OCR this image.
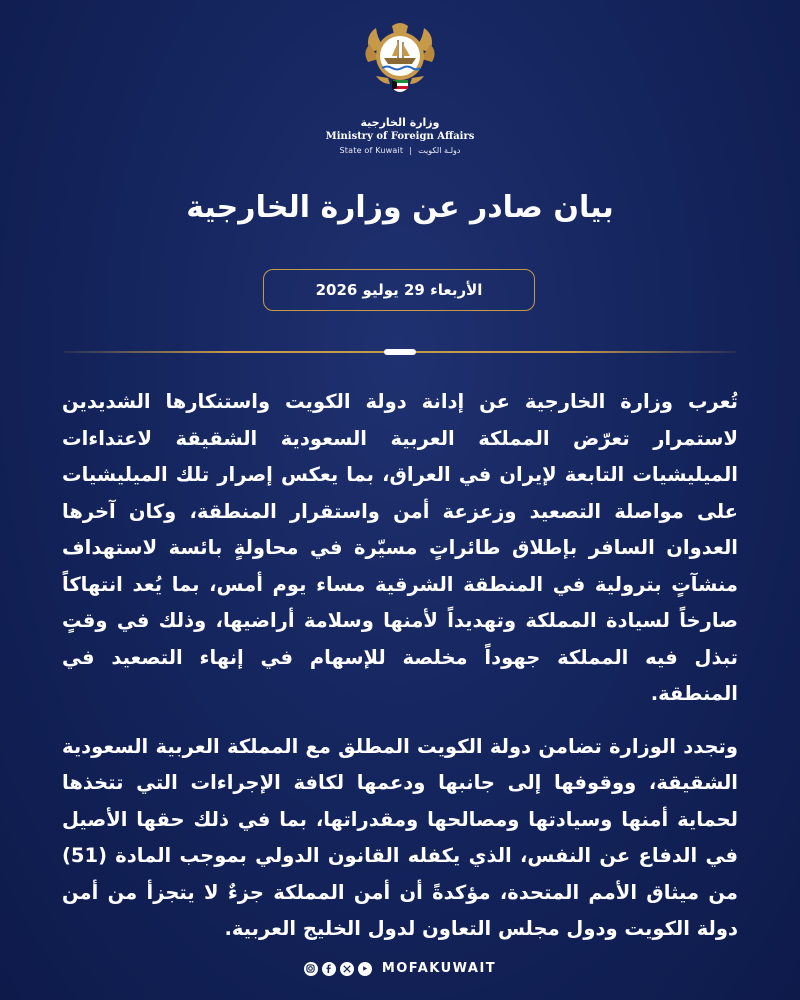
وزارة الخارجية
Ministry of Foreign Affairs
State of Kuwait | دولـة الكويت
بيان صادر عن وزارة الخارجية
الأربعاء 29 يوليو 2026

تُعرب وزارة الخارجية عن إدانة دولة الكويت واستنكارها الشديدين لاستمرار تعرّض المملكة العربية السعودية الشقيقة لاعتداءات الميليشيات التابعة لإيران في العراق، بما يعكس إصرار تلك الميليشيات على مواصلة التصعيد وزعزعة أمن واستقرار المنطقة، وكان آخرها العدوان السافر بإطلاق طائراتٍ مسيّرة في محاولةٍ بائسة لاستهداف منشآتٍ بترولية في المنطقة الشرقية مساء يوم أمس، بما يُعد انتهاكاً صارخاً لسيادة المملكة وتهديداً لأمنها وسلامة أراضيها، وذلك في وقتٍ تبذل فيه المملكة جهوداً مخلصة للإسهام في إنهاء التصعيد في المنطقة.

وتجدد الوزارة تضامن دولة الكويت المطلق مع المملكة العربية السعودية الشقيقة، ووقوفها إلى جانبها ودعمها لكافة الإجراءات التي تتخذها لحماية أمنها وسيادتها ومصالحها ومقدراتها، بما في ذلك حقها الأصيل في الدفاع عن النفس، الذي يكفله القانون الدولي بموجب المادة (51) من ميثاق الأمم المتحدة، مؤكدةً أن أمن المملكة جزءٌ لا يتجزأ من أمن دولة الكويت ودول مجلس التعاون لدول الخليج العربية.

MOFAKUWAIT
